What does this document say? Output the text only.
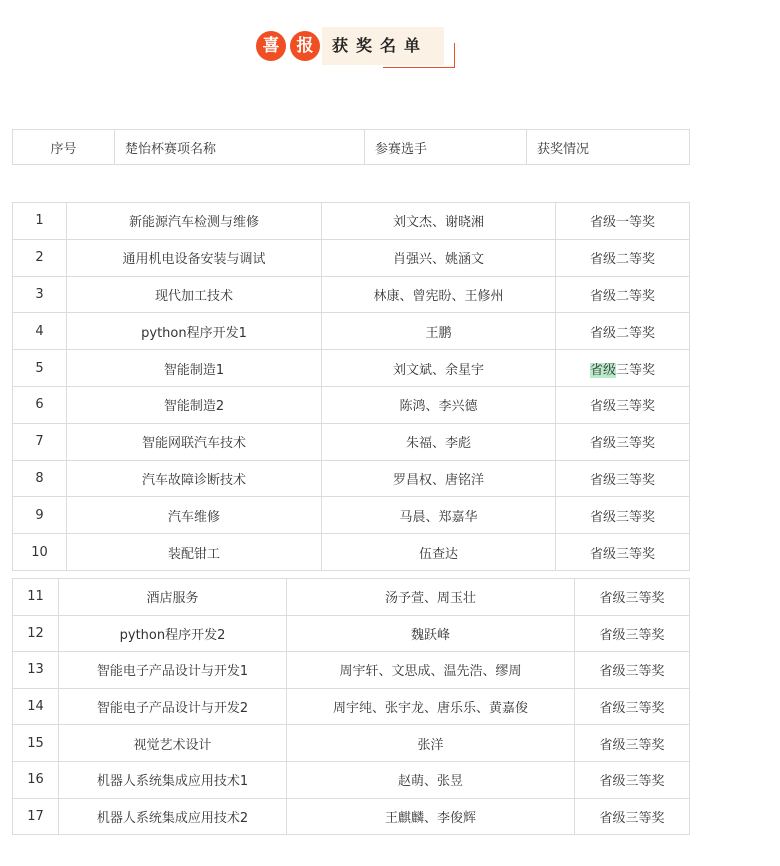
喜	报	获奖名单
序号	楚怡杯赛项名称	参赛选手	获奖情况
1	新能源汽车检测与维修	刘文杰、谢晓湘	省级一等奖
2	通用机电设备安装与调试	肖强兴、姚涵文	省级二等奖
3	现代加工技术	林康、曾宪盼、王修州	省级二等奖
4	python程序开发1	王鹏	省级二等奖
5	智能制造1	刘文斌、余星宇	省级三等奖
6	智能制造2	陈鸿、李兴德	省级三等奖
7	智能网联汽车技术	朱福、李彪	省级三等奖
8	汽车故障诊断技术	罗昌权、唐铭洋	省级三等奖
9	汽车维修	马晨、郑嘉华	省级三等奖
10	装配钳工	伍查达	省级三等奖
11	酒店服务	汤予萱、周玉壮	省级三等奖
12	python程序开发2	魏跃峰	省级三等奖
13	智能电子产品设计与开发1	周宇轩、文思成、温先浩、缪周	省级三等奖
14	智能电子产品设计与开发2	周宇纯、张宇龙、唐乐乐、黄嘉俊	省级三等奖
15	视觉艺术设计	张洋	省级三等奖
16	机器人系统集成应用技术1	赵萌、张昱	省级三等奖
17	机器人系统集成应用技术2	王麒麟、李俊辉	省级三等奖
